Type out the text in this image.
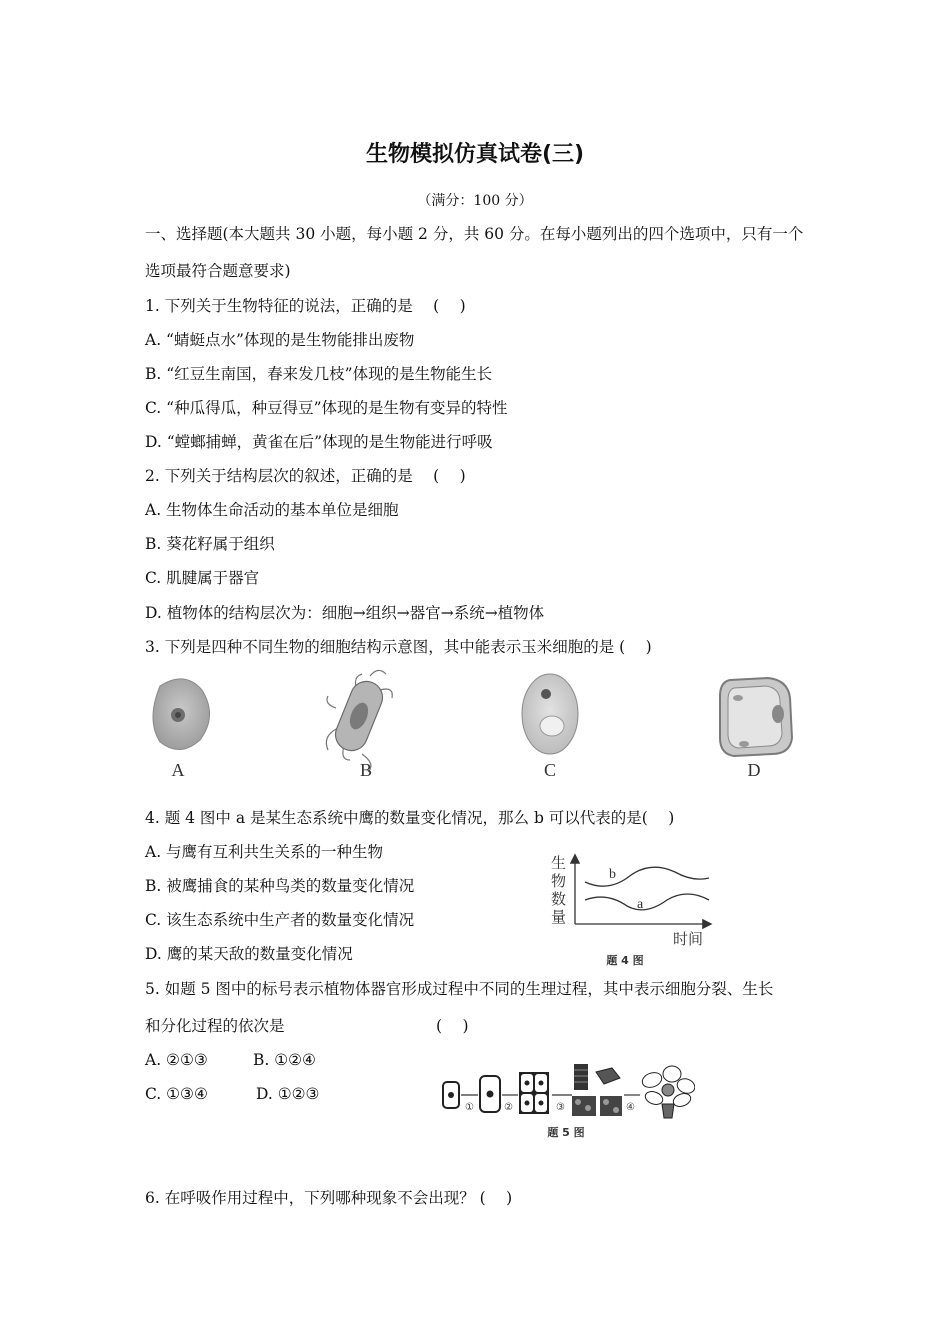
生物模拟仿真试卷(三)
（满分：100 分）
一、选择题(本大题共 30 小题，每小题 2 分，共 60 分。在每小题列出的四个选项中，只有一个
选项最符合题意要求)
1. 下列关于生物特征的说法，正确的是　 (　 )
A. “蜻蜓点水”体现的是生物能排出废物
B. “红豆生南国，春来发几枝”体现的是生物能生长
C. “种瓜得瓜，种豆得豆”体现的是生物有变异的特性
D. “螳螂捕蝉，黄雀在后”体现的是生物能进行呼吸
2. 下列关于结构层次的叙述，正确的是　 (　 )
A. 生物体生命活动的基本单位是细胞
B. 葵花籽属于组织
C. 肌腱属于器官
D. 植物体的结构层次为：细胞→组织→器官→系统→植物体
3. 下列是四种不同生物的细胞结构示意图，其中能表示玉米细胞的是 (　 )
A	B	C	D
4. 题 4 图中 a 是某生态系统中鹰的数量变化情况，那么 b 可以代表的是(　 )
A. 与鹰有互利共生关系的一种生物
B. 被鹰捕食的某种鸟类的数量变化情况
C. 该生态系统中生产者的数量变化情况
D. 鹰的某天敌的数量变化情况
生
物
数
量
时间
b
a
题 4 图
5. 如题 5 图中的标号表示植物体器官形成过程中不同的生理过程，其中表示细胞分裂、生长
和分化过程的依次是	(　 )
A. ②①③	B. ①②④
C. ①③④	D. ①②③
①	②	③	④
题 5 图
6. 在呼吸作用过程中，下列哪种现象不会出现？ (　 )
